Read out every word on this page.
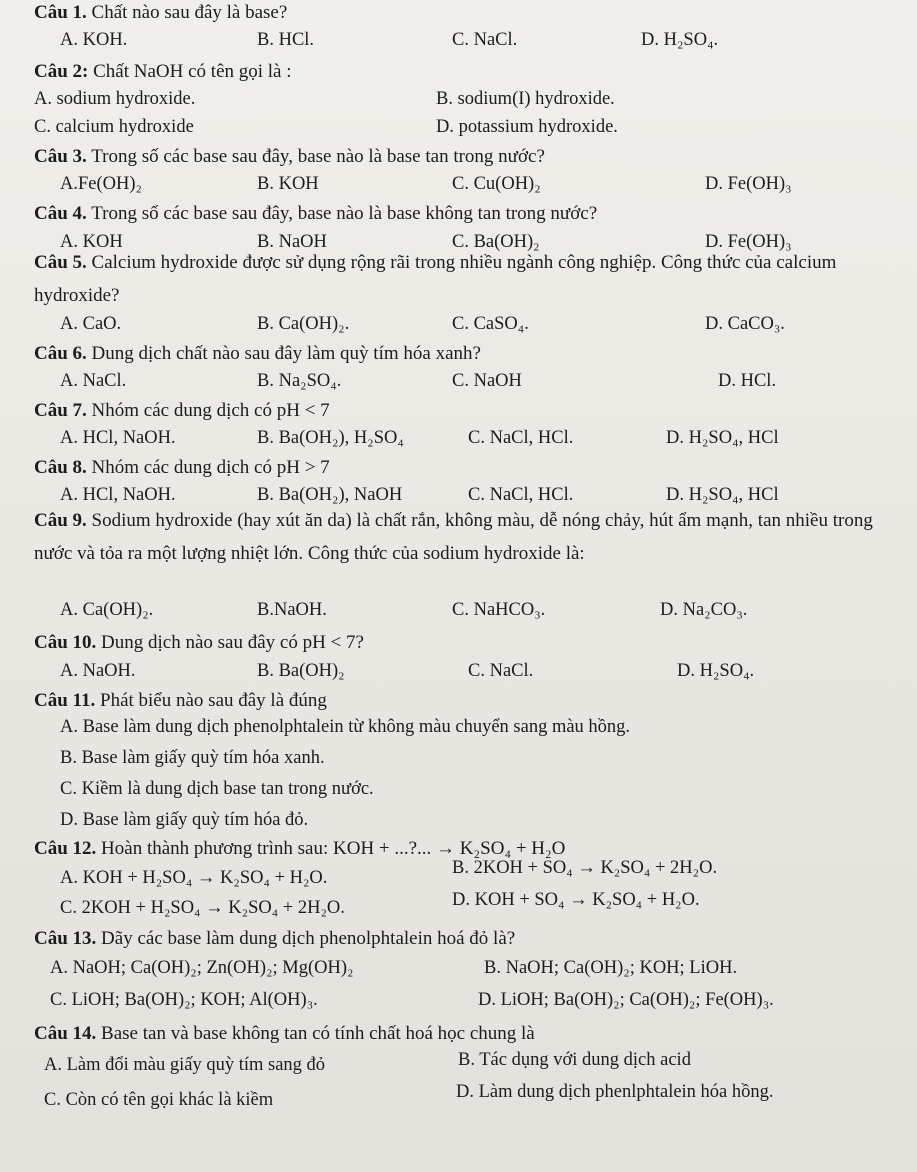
Câu 1. Chất nào sau đây là base?
A. KOH.	B. HCl.	C. NaCl.	D. H₂SO₄.
Câu 2: Chất NaOH có tên gọi là :
A. sodium hydroxide.	B. sodium(I) hydroxide.
C. calcium hydroxide	D. potassium hydroxide.
Câu 3. Trong số các base sau đây, base nào là base tan trong nước?
A.Fe(OH)₂	B. KOH	C. Cu(OH)₂	D. Fe(OH)₃
Câu 4. Trong số các base sau đây, base nào là base không tan trong nước?
A. KOH	B. NaOH	C. Ba(OH)₂	D. Fe(OH)₃
Câu 5. Calcium hydroxide được sử dụng rộng rãi trong nhiều ngành công nghiệp. Công thức của calcium hydroxide?
A. CaO.	B. Ca(OH)₂.	C. CaSO₄.	D. CaCO₃.
Câu 6. Dung dịch chất nào sau đây làm quỳ tím hóa xanh?
A. NaCl.	B. Na₂SO₄.	C. NaOH	D. HCl.
Câu 7. Nhóm các dung dịch có pH < 7
A. HCl, NaOH.	B. Ba(OH₂), H₂SO₄	C. NaCl, HCl.	D. H₂SO₄, HCl
Câu 8. Nhóm các dung dịch có pH > 7
A. HCl, NaOH.	B. Ba(OH₂), NaOH	C. NaCl, HCl.	D. H₂SO₄, HCl
Câu 9. Sodium hydroxide (hay xút ăn da) là chất rắn, không màu, dễ nóng chảy, hút ẩm mạnh, tan nhiều trong nước và tỏa ra một lượng nhiệt lớn. Công thức của sodium hydroxide là:
A. Ca(OH)₂.	B.NaOH.	C. NaHCO₃.	D. Na₂CO₃.
Câu 10. Dung dịch nào sau đây có pH < 7?
A. NaOH.	B. Ba(OH)₂	C. NaCl.	D. H₂SO₄.
Câu 11. Phát biểu nào sau đây là đúng
A. Base làm dung dịch phenolphtalein từ không màu chuyển sang màu hồng.
B. Base làm giấy quỳ tím hóa xanh.
C. Kiềm là dung dịch base tan trong nước.
D. Base làm giấy quỳ tím hóa đỏ.
Câu 12. Hoàn thành phương trình sau: KOH + ...?... → K₂SO₄ + H₂O
A. KOH + H₂SO₄ → K₂SO₄ + H₂O.	B. 2KOH + SO₄ → K₂SO₄ + 2H₂O.
C. 2KOH + H₂SO₄ → K₂SO₄ + 2H₂O.	D. KOH + SO₄ → K₂SO₄ + H₂O.
Câu 13. Dãy các base làm dung dịch phenolphtalein hoá đỏ là?
A. NaOH; Ca(OH)₂; Zn(OH)₂; Mg(OH)₂	B. NaOH; Ca(OH)₂; KOH; LiOH.
C. LiOH; Ba(OH)₂; KOH; Al(OH)₃.	D. LiOH; Ba(OH)₂; Ca(OH)₂; Fe(OH)₃.
Câu 14. Base tan và base không tan có tính chất hoá học chung là
A. Làm đổi màu giấy quỳ tím sang đỏ	B. Tác dụng với dung dịch acid
C. Còn có tên gọi khác là kiềm	D. Làm dung dịch phenlphtalein hóa hồng.
